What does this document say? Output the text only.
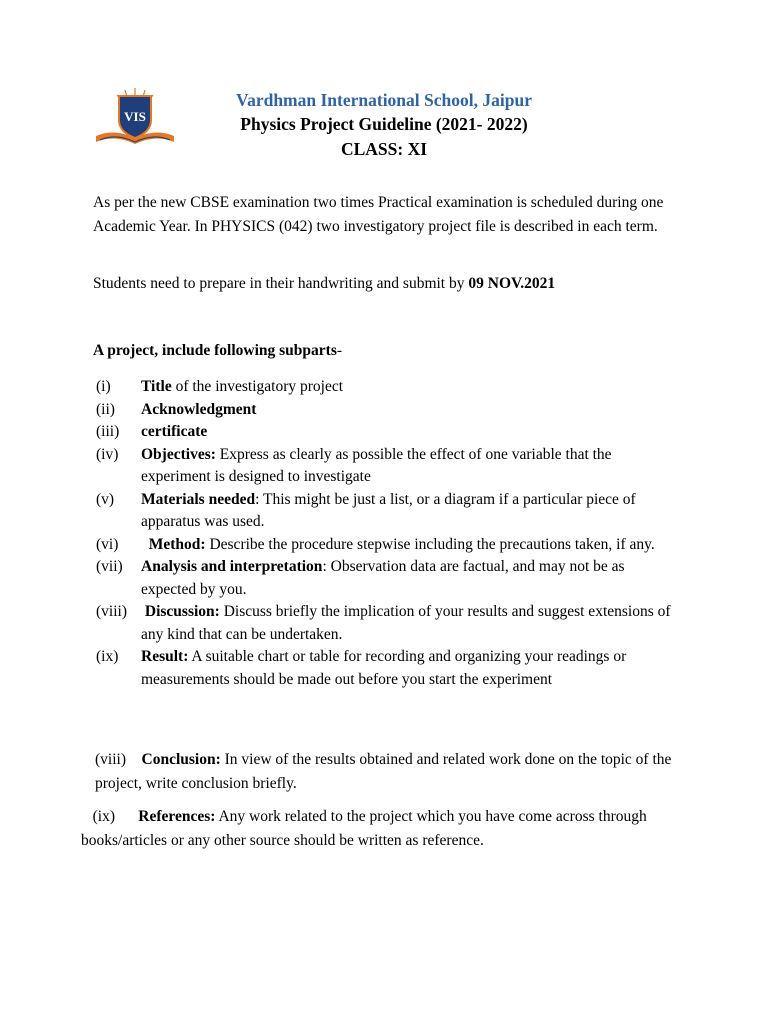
VIS
Vardhman International School, Jaipur
Physics Project Guideline (2021- 2022)
CLASS: XI

As per the new CBSE examination two times Practical examination is scheduled during one Academic Year. In PHYSICS (042) two investigatory project file is described in each term.

Students need to prepare in their handwriting and submit by 09 NOV.2021

A project, include following subparts-
(i)	Title of the investigatory project
(ii)	Acknowledgment
(iii)	certificate
(iv)	Objectives: Express as clearly as possible the effect of one variable that the experiment is designed to investigate
(v)	Materials needed: This might be just a list, or a diagram if a particular piece of apparatus was used.
(vi)	Method: Describe the procedure stepwise including the precautions taken, if any.
(vii)	Analysis and interpretation: Observation data are factual, and may not be as expected by you.
(viii)	Discussion: Discuss briefly the implication of your results and suggest extensions of any kind that can be undertaken.
(ix)	Result: A suitable chart or table for recording and organizing your readings or measurements should be made out before you start the experiment

(viii) Conclusion: In view of the results obtained and related work done on the topic of the project, write conclusion briefly.

(ix) References: Any work related to the project which you have come across through books/articles or any other source should be written as reference.
